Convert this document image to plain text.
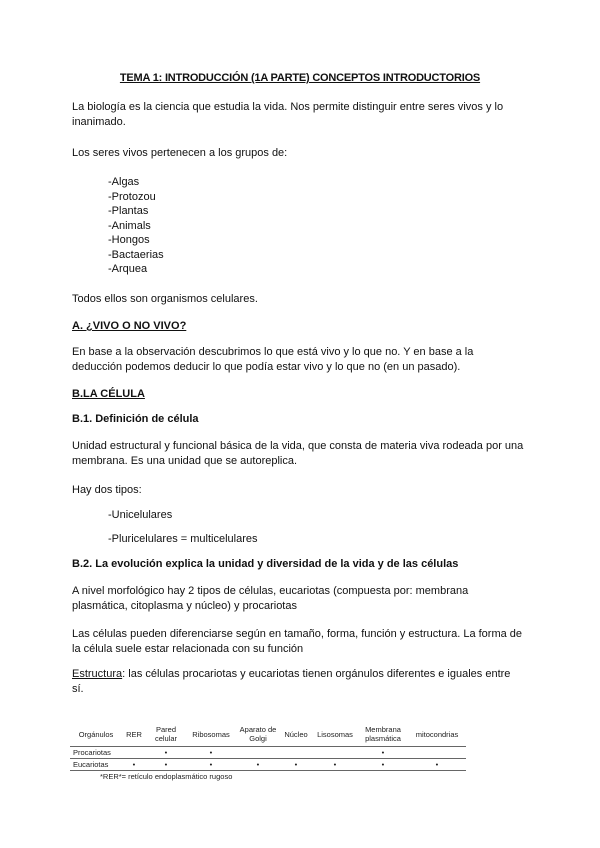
TEMA 1: INTRODUCCIÓN (1A PARTE) CONCEPTOS INTRODUCTORIOS
La biología es la ciencia que estudia la vida. Nos permite distinguir entre seres vivos y lo
inanimado.
Los seres vivos pertenecen a los grupos de:
-Algas
-Protozou
-Plantas
-Animals
-Hongos
-Bactaerias
-Arquea
Todos ellos son organismos celulares.
A. ¿VIVO O NO VIVO?
En base a la observación descubrimos lo que está vivo y lo que no. Y en base a la
deducción podemos deducir lo que podía estar vivo y lo que no (en un pasado).
B.LA CÉLULA
B.1. Definición de célula
Unidad estructural y funcional básica de la vida, que consta de materia viva rodeada por una
membrana. Es una unidad que se autoreplica.
Hay dos tipos:
-Unicelulares
-Pluricelulares = multicelulares
B.2. La evolución explica la unidad y diversidad de la vida y de las células
A nivel morfológico hay 2 tipos de células, eucariotas (compuesta por: membrana
plasmática, citoplasma y núcleo) y procariotas
Las células pueden diferenciarse según en tamaño, forma, función y estructura. La forma de
la célula suele estar relacionada con su función
Estructura: las células procariotas y eucariotas tienen orgánulos diferentes e iguales entre
sí.
Orgánulos	RER	Pared celular	Ribosomas	Aparato de Golgi	Núcleo	Lisosomas	Membrana plasmática	mitocondrias
Procariotas		•	•				•	
Eucariotas	•	•	•	•	•	•	•	•
*RER*= retículo endoplasmático rugoso
